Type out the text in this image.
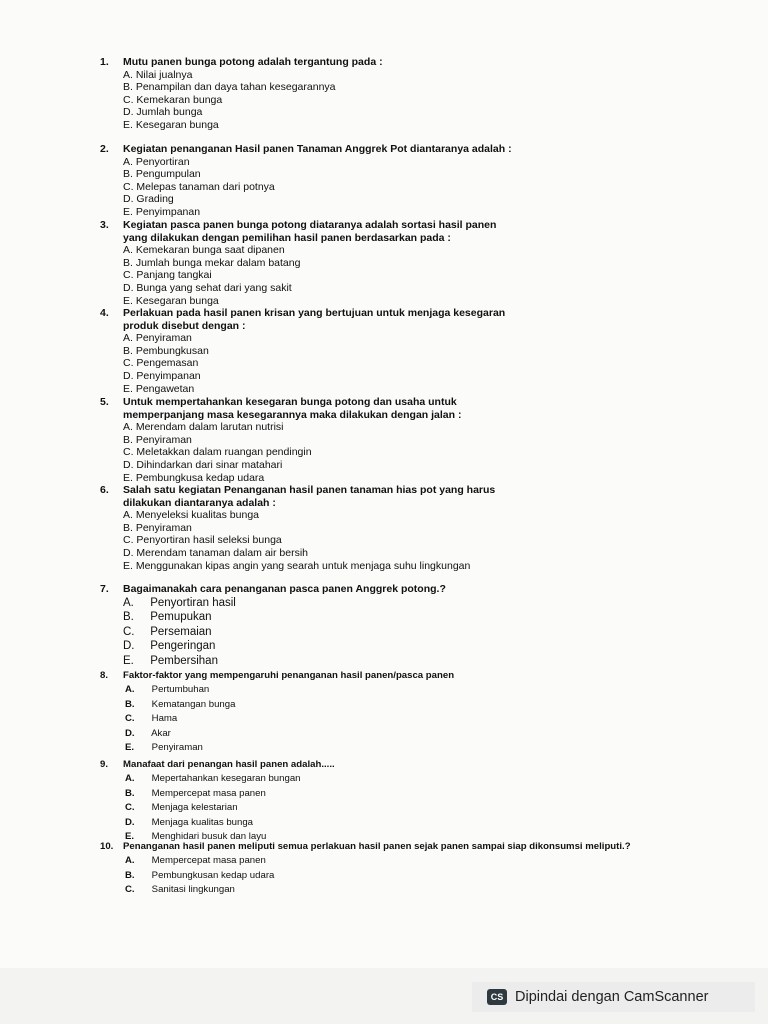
1.	Mutu panen bunga potong adalah tergantung pada :
A. Nilai jualnya
B. Penampilan dan daya tahan kesegarannya
C. Kemekaran bunga
D. Jumlah bunga
E. Kesegaran bunga
2.	Kegiatan penanganan Hasil panen Tanaman Anggrek Pot diantaranya adalah :
A. Penyortiran
B. Pengumpulan
C. Melepas tanaman dari potnya
D. Grading
E. Penyimpanan
3.	Kegiatan pasca panen bunga potong diataranya adalah sortasi hasil panen
yang dilakukan dengan pemilihan hasil panen berdasarkan pada :
A. Kemekaran bunga saat dipanen
B. Jumlah bunga mekar dalam batang
C. Panjang tangkai
D. Bunga yang sehat dari yang sakit
E. Kesegaran bunga
4.	Perlakuan pada hasil panen krisan yang bertujuan untuk menjaga kesegaran
produk disebut dengan :
A. Penyiraman
B. Pembungkusan
C. Pengemasan
D. Penyimpanan
E. Pengawetan
5.	Untuk mempertahankan kesegaran bunga potong dan usaha untuk
memperpanjang masa kesegarannya maka dilakukan dengan jalan :
A. Merendam dalam larutan nutrisi
B. Penyiraman
C. Meletakkan dalam ruangan pendingin
D. Dihindarkan dari sinar matahari
E. Pembungkusa kedap udara
6.	Salah satu kegiatan Penanganan hasil panen tanaman hias pot yang harus
dilakukan diantaranya adalah :
A. Menyeleksi kualitas bunga
B. Penyiraman
C. Penyortiran hasil seleksi bunga
D. Merendam tanaman dalam air bersih
E. Menggunakan kipas angin yang searah untuk menjaga suhu lingkungan
7.	Bagaimanakah cara penanganan pasca panen Anggrek potong.?
A. Penyortiran hasil
B. Pemupukan
C. Persemaian
D. Pengeringan
E. Pembersihan
8.	Faktor-faktor yang mempengaruhi penanganan hasil panen/pasca panen
A. Pertumbuhan
B. Kematangan bunga
C. Hama
D. Akar
E. Penyiraman
9.	Manafaat dari penangan hasil panen adalah.....
A. Mepertahankan kesegaran bungan
B. Mempercepat masa panen
C. Menjaga kelestarian
D. Menjaga kualitas bunga
E. Menghidari busuk dan layu
10.	Penanganan hasil panen meliputi semua perlakuan hasil panen sejak panen sampai siap dikonsumsi meliputi.?
A. Mempercepat masa panen
B. Pembungkusan kedap udara
C. Sanitasi lingkungan
CS Dipindai dengan CamScanner
